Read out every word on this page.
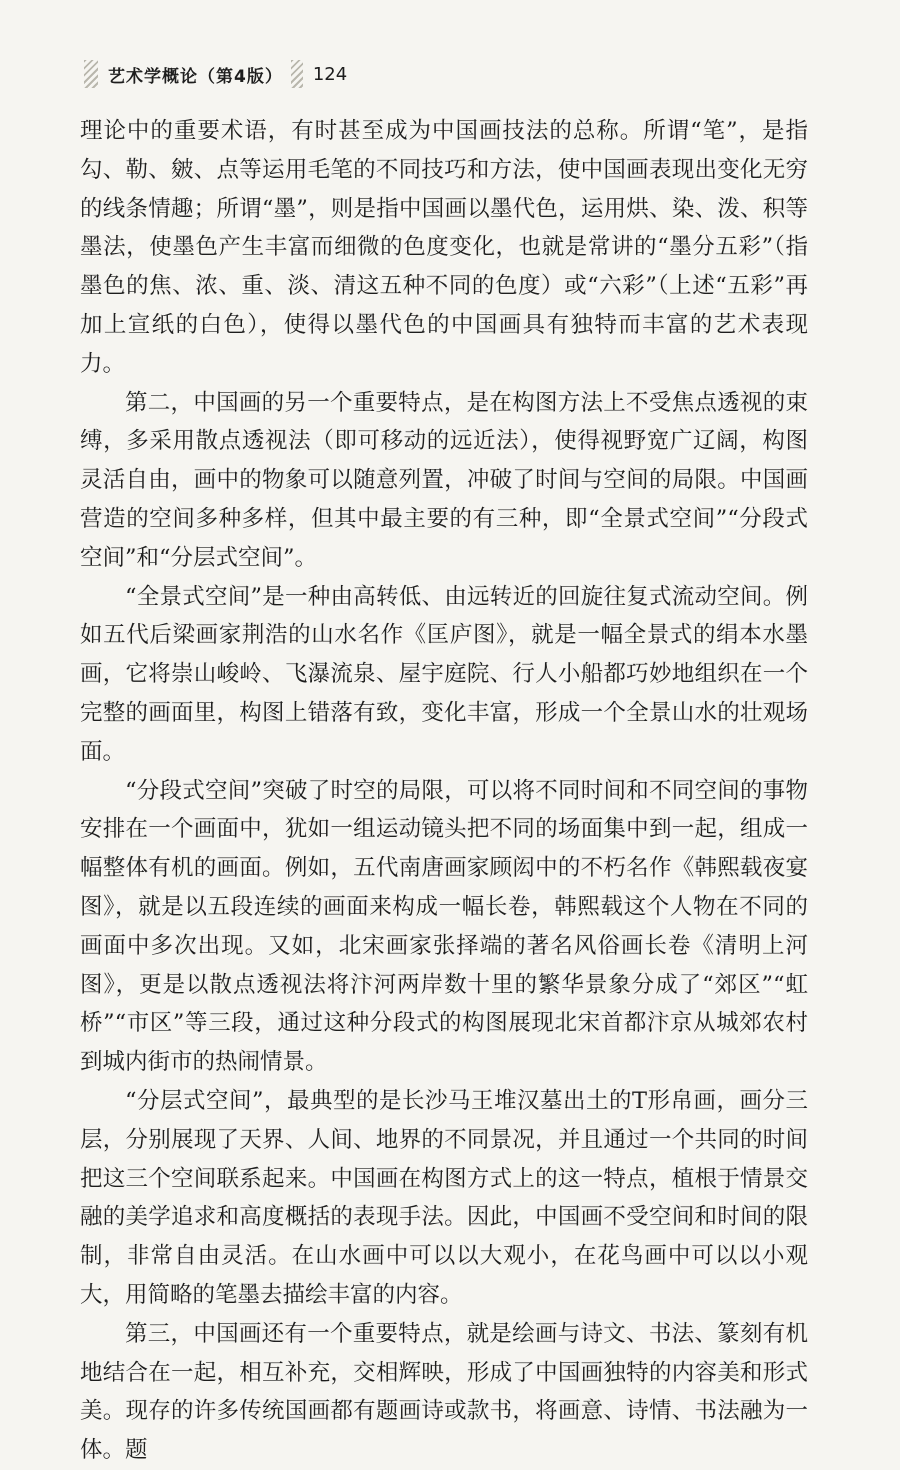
艺术学概论（第4版） 124

理论中的重要术语，有时甚至成为中国画技法的总称。所谓“笔”，是指勾、勒、皴、点等运用毛笔的不同技巧和方法，使中国画表现出变化无穷的线条情趣；所谓“墨”，则是指中国画以墨代色，运用烘、染、泼、积等墨法，使墨色产生丰富而细微的色度变化，也就是常讲的“墨分五彩”（指墨色的焦、浓、重、淡、清这五种不同的色度）或“六彩”（上述“五彩”再加上宣纸的白色），使得以墨代色的中国画具有独特而丰富的艺术表现力。

第二，中国画的另一个重要特点，是在构图方法上不受焦点透视的束缚，多采用散点透视法（即可移动的远近法），使得视野宽广辽阔，构图灵活自由，画中的物象可以随意列置，冲破了时间与空间的局限。中国画营造的空间多种多样，但其中最主要的有三种，即“全景式空间”“分段式空间”和“分层式空间”。

“全景式空间”是一种由高转低、由远转近的回旋往复式流动空间。例如五代后梁画家荆浩的山水名作《匡庐图》，就是一幅全景式的绢本水墨画，它将崇山峻岭、飞瀑流泉、屋宇庭院、行人小船都巧妙地组织在一个完整的画面里，构图上错落有致，变化丰富，形成一个全景山水的壮观场面。

“分段式空间”突破了时空的局限，可以将不同时间和不同空间的事物安排在一个画面中，犹如一组运动镜头把不同的场面集中到一起，组成一幅整体有机的画面。例如，五代南唐画家顾闳中的不朽名作《韩熙载夜宴图》，就是以五段连续的画面来构成一幅长卷，韩熙载这个人物在不同的画面中多次出现。又如，北宋画家张择端的著名风俗画长卷《清明上河图》，更是以散点透视法将汴河两岸数十里的繁华景象分成了“郊区”“虹桥”“市区”等三段，通过这种分段式的构图展现北宋首都汴京从城郊农村到城内街市的热闹情景。

“分层式空间”，最典型的是长沙马王堆汉墓出土的T形帛画，画分三层，分别展现了天界、人间、地界的不同景况，并且通过一个共同的时间把这三个空间联系起来。中国画在构图方式上的这一特点，植根于情景交融的美学追求和高度概括的表现手法。因此，中国画不受空间和时间的限制，非常自由灵活。在山水画中可以以大观小，在花鸟画中可以以小观大，用简略的笔墨去描绘丰富的内容。

第三，中国画还有一个重要特点，就是绘画与诗文、书法、篆刻有机地结合在一起，相互补充，交相辉映，形成了中国画独特的内容美和形式美。现存的许多传统国画都有题画诗或款书，将画意、诗情、书法融为一体。题
